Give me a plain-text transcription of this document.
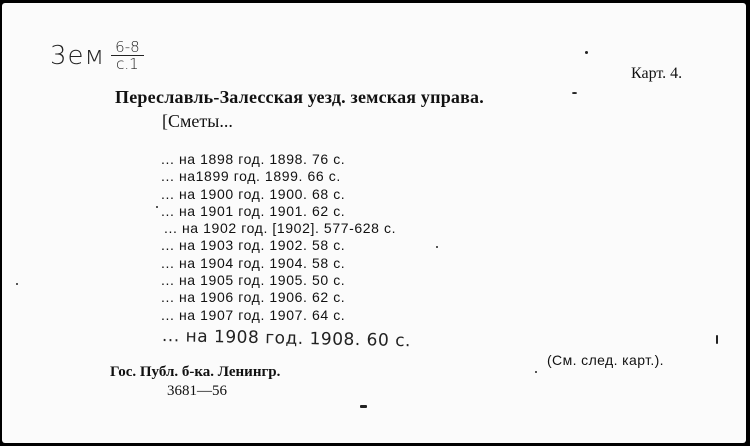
$3ем \frac{6-8}{с.1}$
Карт. 4.
Переславль-Залесская уезд. земская управа.
[Сметы...
... на 1898 год. 1898. 76 с.
... на1899 год. 1899. 66 с.
... на 1900 год. 1900. 68 с.
... на 1901 год. 1901. 62 с.
... на 1902 год. [1902]. 577-628 с.
... на 1903 год. 1902. 58 с.
... на 1904 год. 1904. 58 с.
... на 1905 год. 1905. 50 с.
... на 1906 год. 1906. 62 с.
... на 1907 год. 1907. 64 с.
... на 1908 год. 1908. 60 с.
(См. след. карт.).
Гос. Публ. б-ка. Ленингр.
3681—56
